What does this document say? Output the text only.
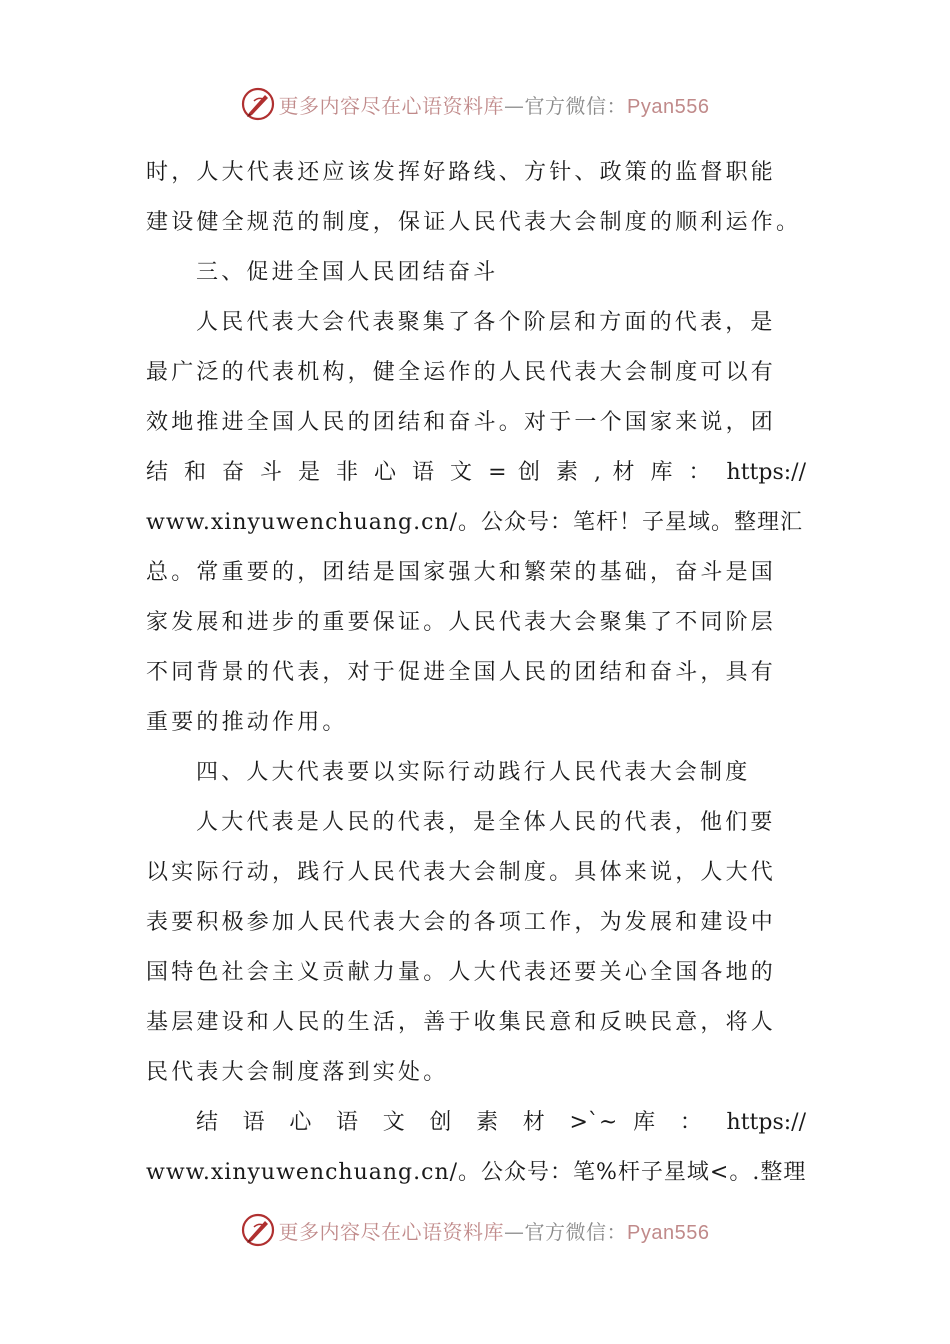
更多内容尽在心语资料库—官方微信：Pyan556
时，人大代表还应该发挥好路线、方针、政策的监督职能
建设健全规范的制度，保证人民代表大会制度的顺利运作。
三、促进全国人民团结奋斗
人民代表大会代表聚集了各个阶层和方面的代表，是
最广泛的代表机构，健全运作的人民代表大会制度可以有
效地推进全国人民的团结和奋斗。对于一个国家来说，团
结 和 奋 斗 是 非 心 语 文 = 创 素 , 材 库 ： https://
www.xinyuwenchuang.cn/。公众号：笔杆！子星域。整理汇
总。常重要的，团结是国家强大和繁荣的基础，奋斗是国
家发展和进步的重要保证。人民代表大会聚集了不同阶层
不同背景的代表，对于促进全国人民的团结和奋斗，具有
重要的推动作用。
四、人大代表要以实际行动践行人民代表大会制度
人大代表是人民的代表，是全体人民的代表，他们要
以实际行动，践行人民代表大会制度。具体来说，人大代
表要积极参加人民代表大会的各项工作，为发展和建设中
国特色社会主义贡献力量。人大代表还要关心全国各地的
基层建设和人民的生活，善于收集民意和反映民意，将人
民代表大会制度落到实处。
结 语 心 语 文 创 素 材 >`~ 库 ： https://
www.xinyuwenchuang.cn/。公众号：笔%杆子星域<。.整理
更多内容尽在心语资料库—官方微信：Pyan556
